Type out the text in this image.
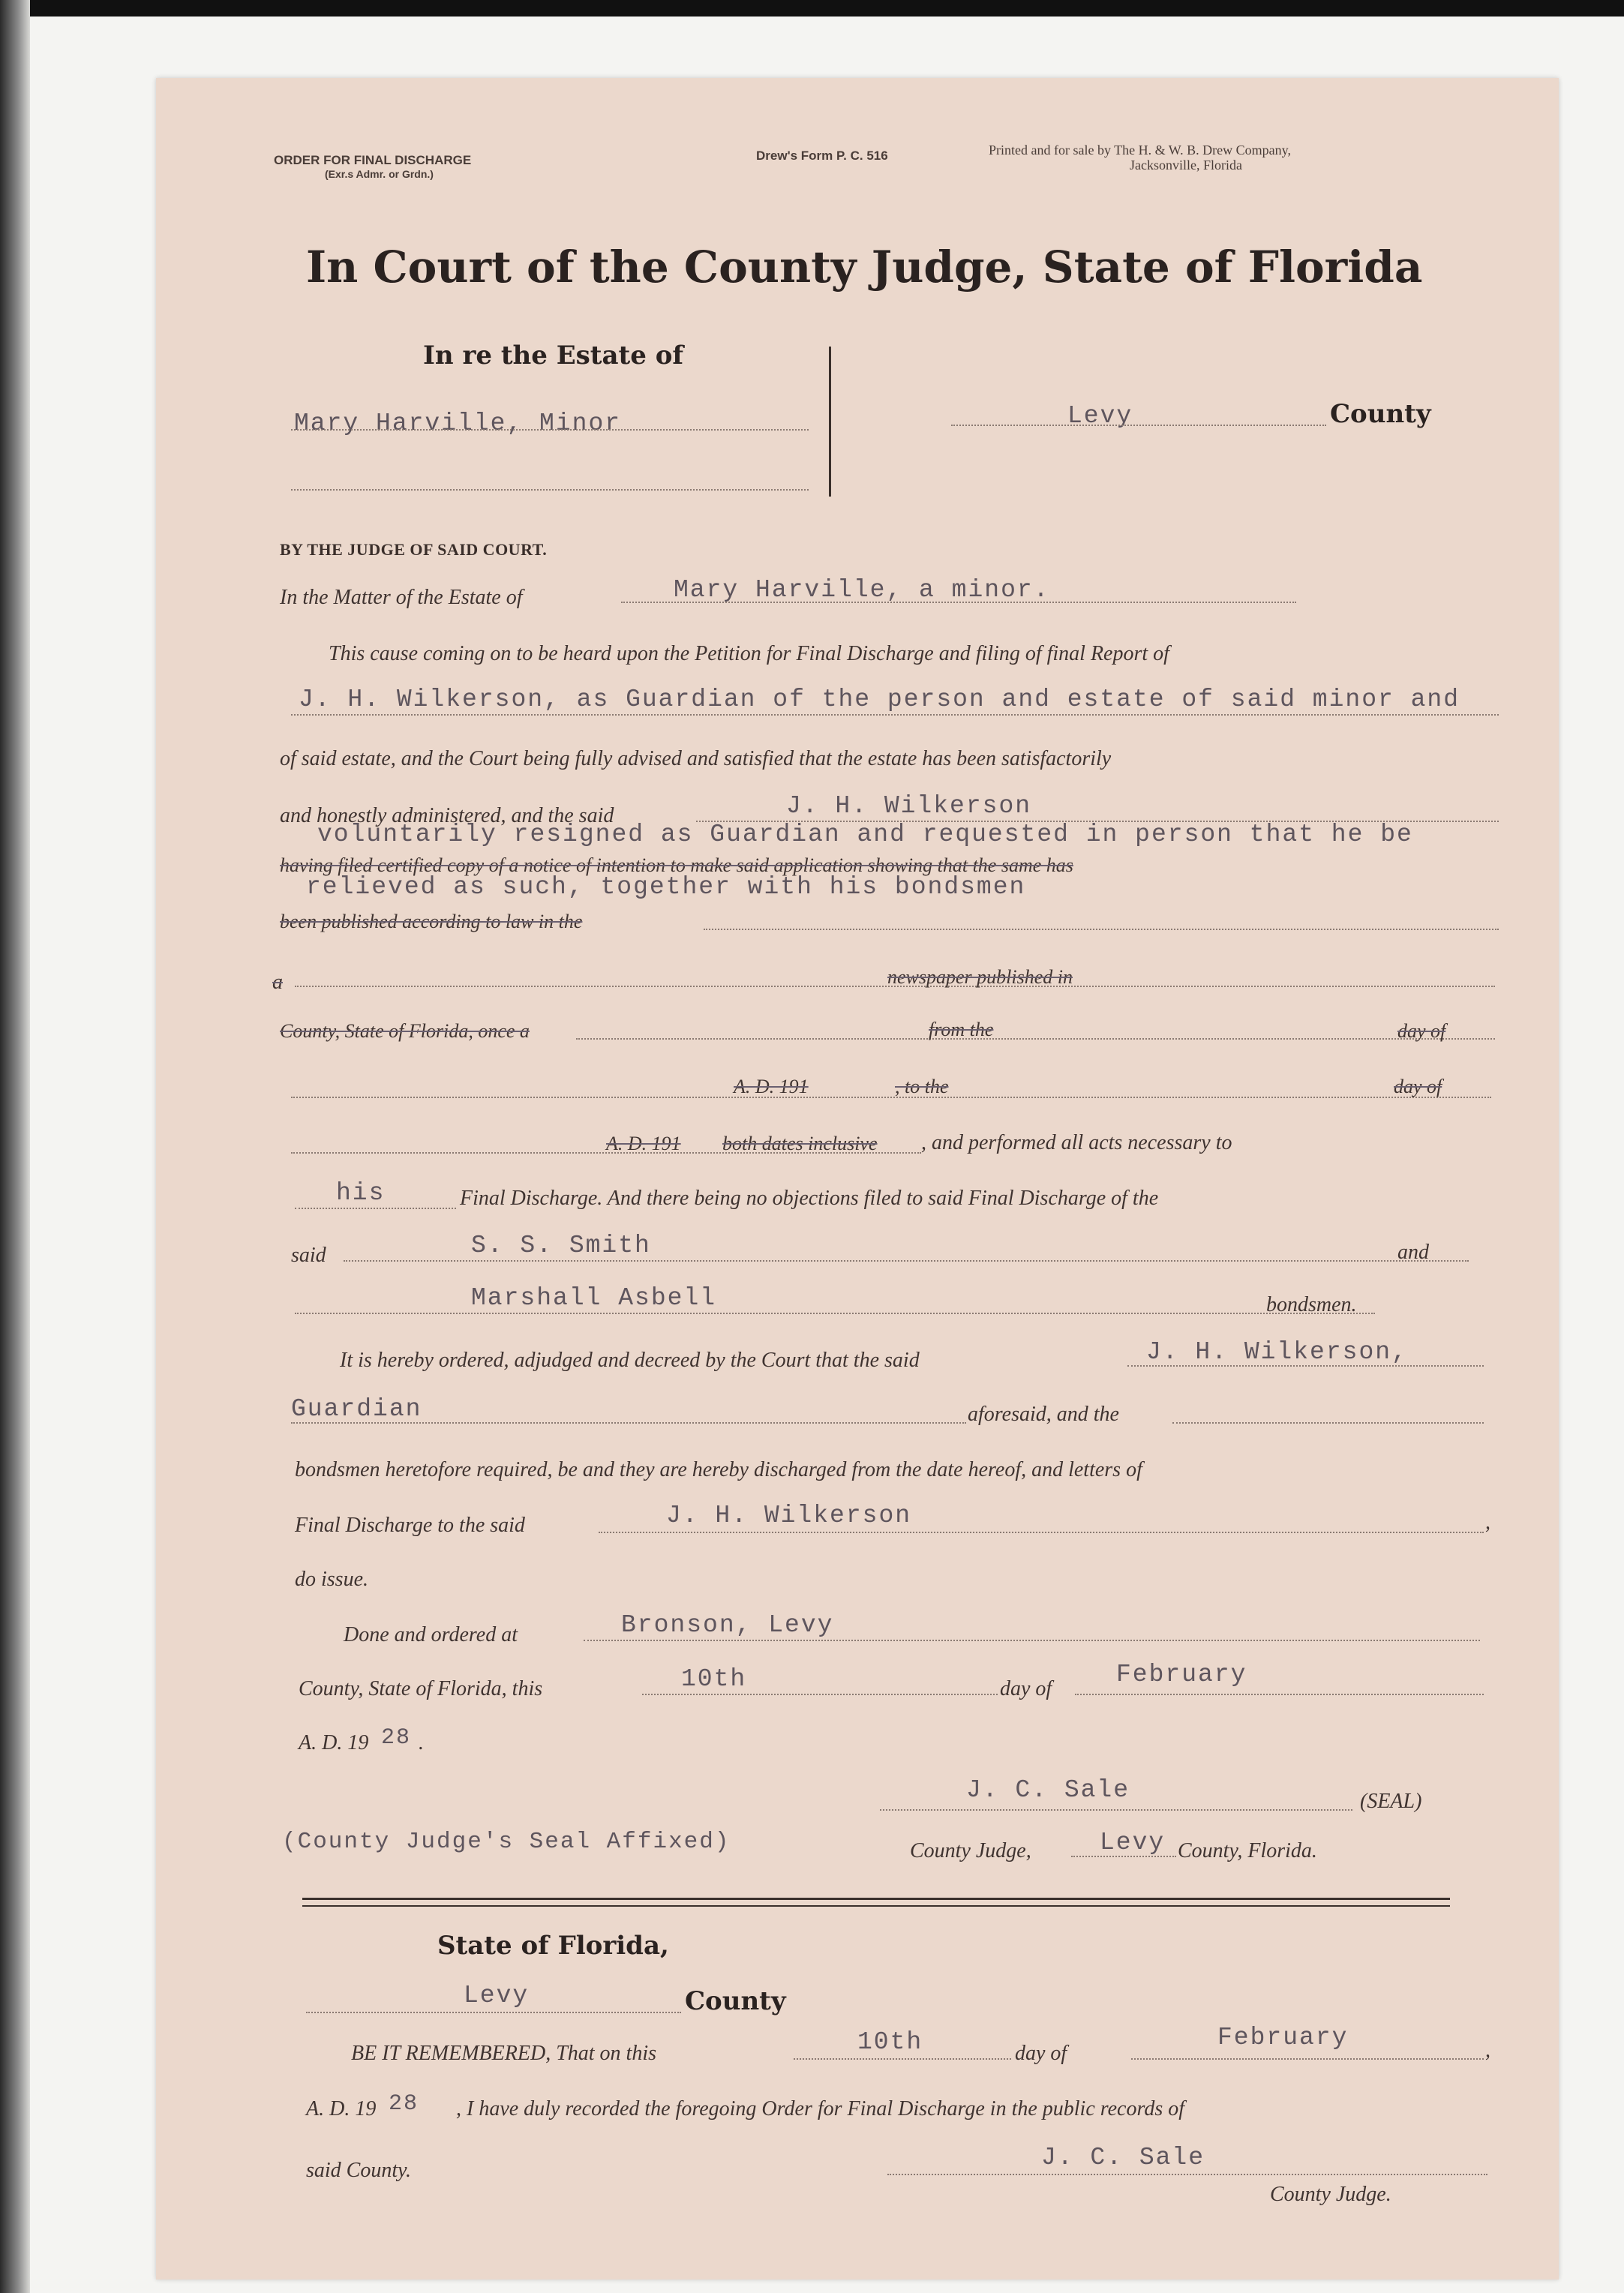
ORDER FOR FINAL DISCHARGE
(Exr.s Admr. or Grdn.)
Drew's Form P. C. 516	Printed and for sale by The H. & W. B. Drew Company,
Jacksonville, Florida
In Court of the County Judge, State of Florida
In re the Estate of
Mary Harville, Minor	Levy	County
BY THE JUDGE OF SAID COURT.
In the Matter of the Estate of	Mary Harville, a minor.
This cause coming on to be heard upon the Petition for Final Discharge and filing of final Report of
J. H. Wilkerson, as Guardian of the person and estate of said minor and
of said estate, and the Court being fully advised and satisfied that the estate has been satisfactorily
and honestly administered, and the said	J. H. Wilkerson
voluntarily resigned as Guardian and requested in person that he be
having filed certified copy of a notice of intention to make said application showing that the same has
relieved as such, together with his bondsmen
been published according to law in the
a	newspaper published in
County, State of Florida, once a	from the	day of
A. D. 191	, to the	day of
A. D. 191 both dates inclusive , and performed all acts necessary to
his	Final Discharge. And there being no objections filed to said Final Discharge of the
said	S. S. Smith	and
Marshall Asbell	bondsmen.
It is hereby ordered, adjudged and decreed by the Court that the said	J. H. Wilkerson,
Guardian	aforesaid, and the
bondsmen heretofore required, be and they are hereby discharged from the date hereof, and letters of
Final Discharge to the said	J. H. Wilkerson	,
do issue.
Done and ordered at	Bronson, Levy
County, State of Florida, this	10th	day of
February
A. D. 19 28 .
J. C. Sale	(SEAL)
(County Judge's Seal Affixed)	County Judge,	Levy County, Florida.
State of Florida,
Levy	County
BE IT REMEMBERED, That on this	10th	day of
February	,
A. D. 19 28 , I have duly recorded the foregoing Order for Final Discharge in the public records of
said County.	J. C. Sale
County Judge.
